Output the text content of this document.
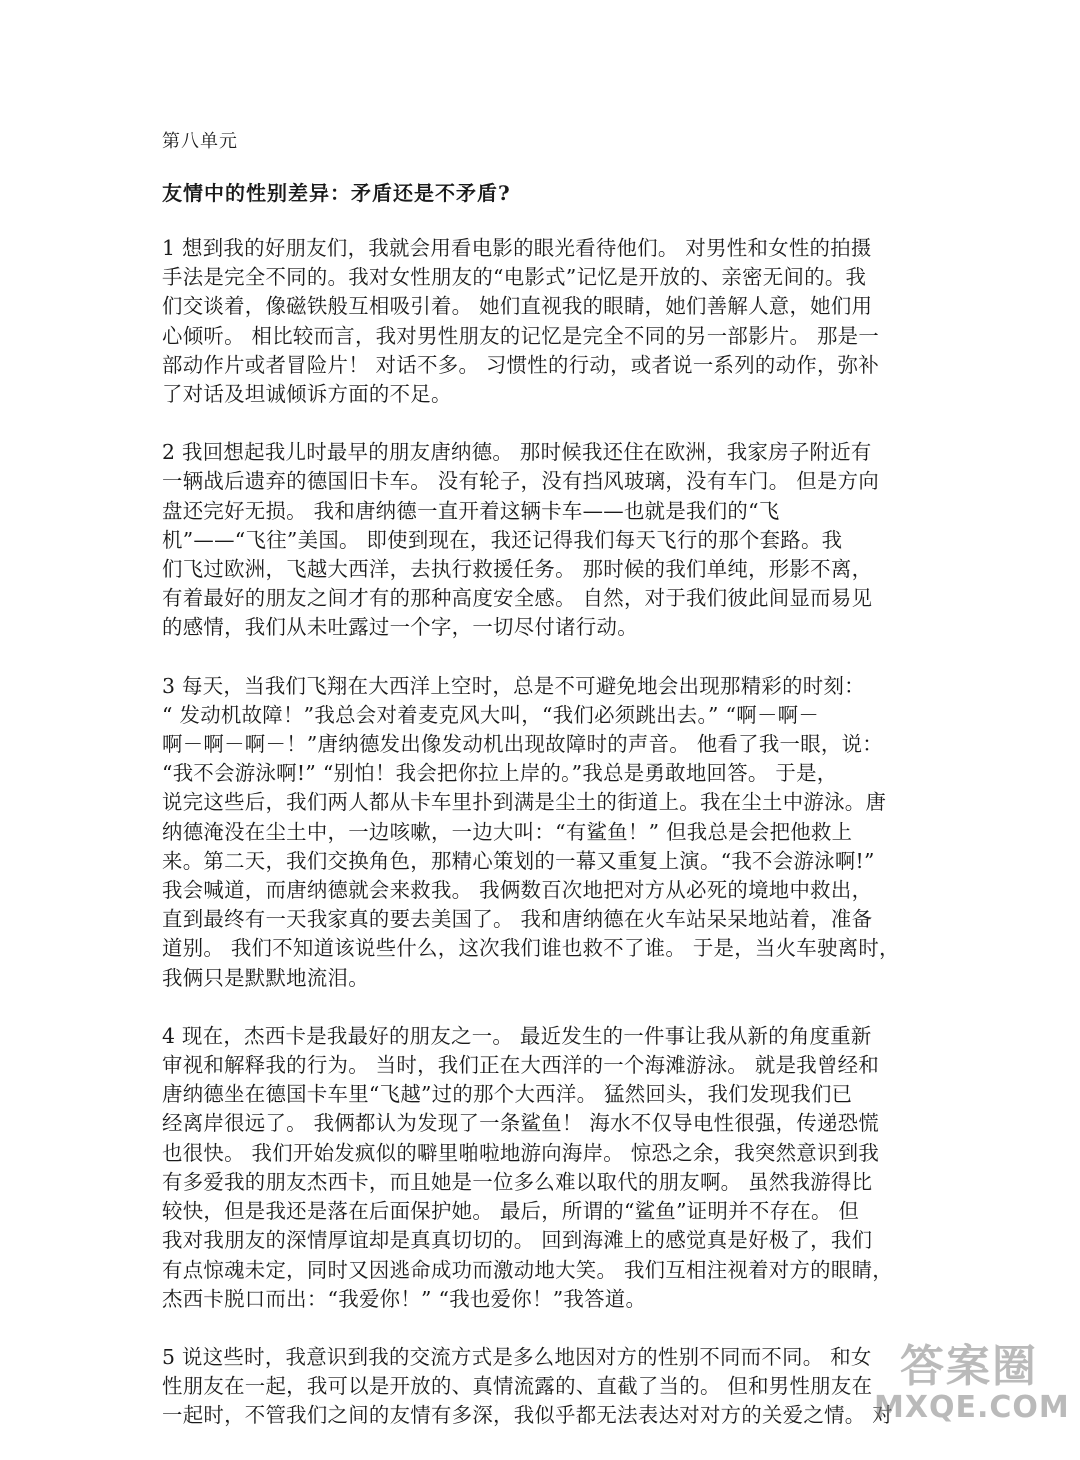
第八单元
友情中的性别差异：矛盾还是不矛盾?
1 想到我的好朋友们，我就会用看电影的眼光看待他们。 对男性和女性的拍摄
手法是完全不同的。我对女性朋友的“电影式”记忆是开放的、亲密无间的。我
们交谈着，像磁铁般互相吸引着。 她们直视我的眼睛，她们善解人意，她们用
心倾听。 相比较而言，我对男性朋友的记忆是完全不同的另一部影片。 那是一
部动作片或者冒险片！ 对话不多。 习惯性的行动，或者说一系列的动作，弥补
了对话及坦诚倾诉方面的不足。
2 我回想起我儿时最早的朋友唐纳德。 那时候我还住在欧洲，我家房子附近有
一辆战后遗弃的德国旧卡车。 没有轮子，没有挡风玻璃，没有车门。 但是方向
盘还完好无损。 我和唐纳德一直开着这辆卡车——也就是我们的“飞
机”——“飞往”美国。 即使到现在，我还记得我们每天飞行的那个套路。我
们飞过欧洲，飞越大西洋，去执行救援任务。 那时候的我们单纯，形影不离，
有着最好的朋友之间才有的那种高度安全感。 自然，对于我们彼此间显而易见
的感情，我们从未吐露过一个字，一切尽付诸行动。
3 每天，当我们飞翔在大西洋上空时，总是不可避免地会出现那精彩的时刻：
“ 发动机故障！”我总会对着麦克风大叫，“我们必须跳出去。” “啊－啊－
啊－啊－啊－！”唐纳德发出像发动机出现故障时的声音。 他看了我一眼，说：
“我不会游泳啊!” “别怕！我会把你拉上岸的。”我总是勇敢地回答。 于是，
说完这些后，我们两人都从卡车里扑到满是尘土的街道上。我在尘土中游泳。唐
纳德淹没在尘土中，一边咳嗽，一边大叫：“有鲨鱼！” 但我总是会把他救上
来。第二天，我们交换角色，那精心策划的一幕又重复上演。“我不会游泳啊!”
我会喊道，而唐纳德就会来救我。 我俩数百次地把对方从必死的境地中救出，
直到最终有一天我家真的要去美国了。 我和唐纳德在火车站呆呆地站着，准备
道别。 我们不知道该说些什么，这次我们谁也救不了谁。 于是，当火车驶离时，
我俩只是默默地流泪。
4 现在，杰西卡是我最好的朋友之一。 最近发生的一件事让我从新的角度重新
审视和解释我的行为。 当时，我们正在大西洋的一个海滩游泳。 就是我曾经和
唐纳德坐在德国卡车里“飞越”过的那个大西洋。 猛然回头，我们发现我们已
经离岸很远了。 我俩都认为发现了一条鲨鱼！ 海水不仅导电性很强，传递恐慌
也很快。 我们开始发疯似的噼里啪啦地游向海岸。 惊恐之余，我突然意识到我
有多爱我的朋友杰西卡，而且她是一位多么难以取代的朋友啊。 虽然我游得比
较快，但是我还是落在后面保护她。 最后，所谓的“鲨鱼”证明并不存在。 但
我对我朋友的深情厚谊却是真真切切的。 回到海滩上的感觉真是好极了，我们
有点惊魂未定，同时又因逃命成功而激动地大笑。 我们互相注视着对方的眼睛，
杰西卡脱口而出：“我爱你！” “我也爱你！”我答道。
5 说这些时，我意识到我的交流方式是多么地因对方的性别不同而不同。 和女
性朋友在一起，我可以是开放的、真情流露的、直截了当的。 但和男性朋友在
一起时，不管我们之间的友情有多深，我似乎都无法表达对对方的关爱之情。 对
答案圈
MXQE.COM
